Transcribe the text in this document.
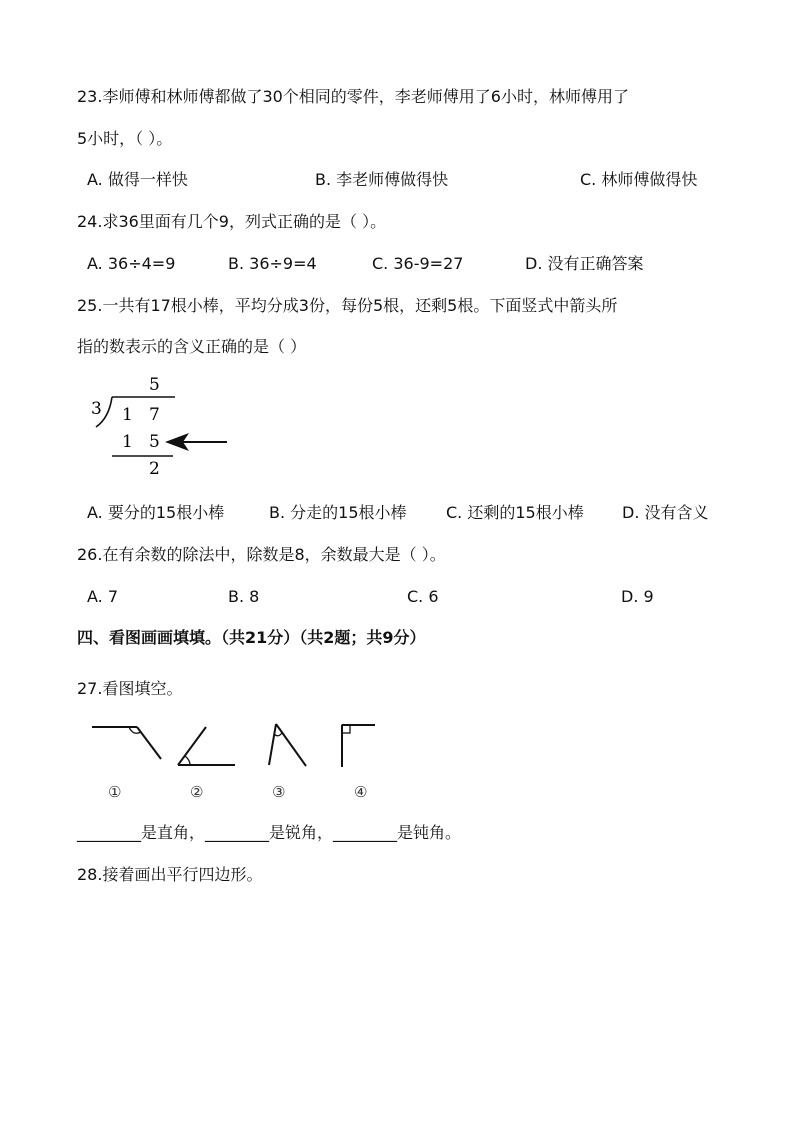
23.李师傅和林师傅都做了30个相同的零件，李老师傅用了6小时，林师傅用了
5小时，（ ）。
A. 做得一样快	B. 李老师傅做得快	C. 林师傅做得快
24.求36里面有几个9，列式正确的是（ ）。
A. 36÷4=9	B. 36÷9=4	C. 36-9=27	D. 没有正确答案
25.一共有17根小棒，平均分成3份，每份5根，还剩5根。下面竖式中箭头所
指的数表示的含义正确的是（ ）
5
3 1 7
1 5
2
A. 要分的15根小棒	B. 分走的15根小棒 C. 还剩的15根小棒 D. 没有含义
26.在有余数的除法中，除数是8，余数最大是（ ）。
A. 7	B. 8	C. 6	D. 9
四、看图画画填填。（共21分）（共2题；共9分）
27.看图填空。
①	②	③	④
________是直角，________是锐角，________是钝角。
28.接着画出平行四边形。
